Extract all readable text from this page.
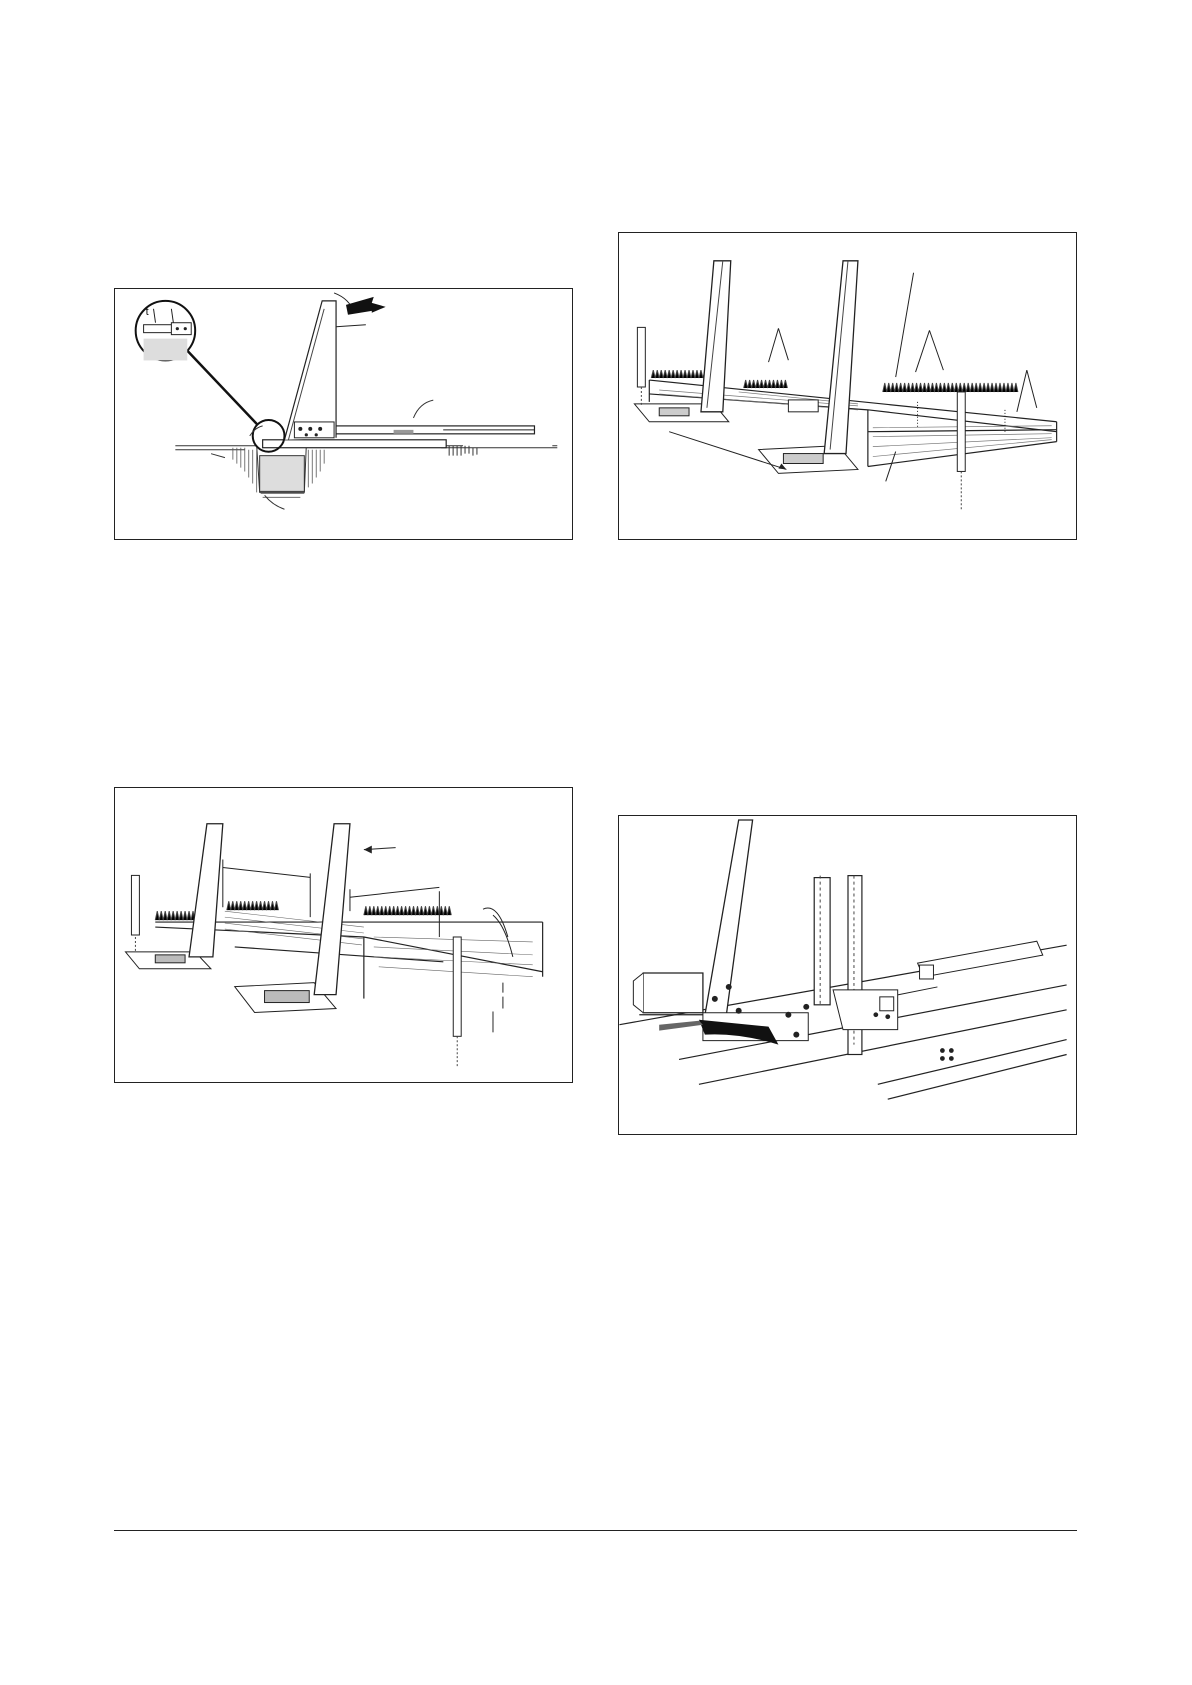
t
